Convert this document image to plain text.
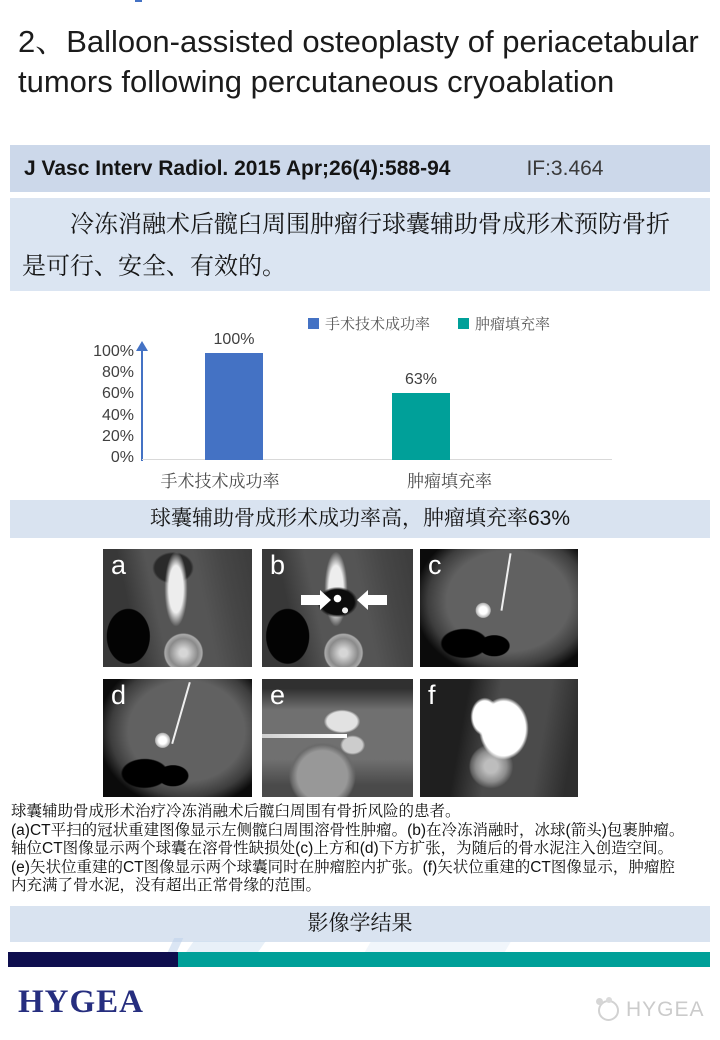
2、Balloon-assisted osteoplasty of periacetabular
tumors following percutaneous cryoablation
J Vasc Interv Radiol. 2015 Apr;26(4):588-94	IF:3.464
冷冻消融术后髋臼周围肿瘤行球囊辅助骨成形术预防骨折
是可行、安全、有效的。
手术技术成功率	肿瘤填充率
100%
80%
60%
40%
20%
0%
100%
63%
手术技术成功率	肿瘤填充率
球囊辅助骨成形术成功率高，肿瘤填充率63%
a	b	c
d	e	f
球囊辅助骨成形术治疗冷冻消融术后髋臼周围有骨折风险的患者。
(a)CT平扫的冠状重建图像显示左侧髋臼周围溶骨性肿瘤。(b)在冷冻消融时，冰球(箭头)包裹肿瘤。
轴位CT图像显示两个球囊在溶骨性缺损处(c)上方和(d)下方扩张，为随后的骨水泥注入创造空间。
(e)矢状位重建的CT图像显示两个球囊同时在肿瘤腔内扩张。(f)矢状位重建的CT图像显示，肿瘤腔
内充满了骨水泥，没有超出正常骨缘的范围。
影像学结果
HYGEA	HYGEA
